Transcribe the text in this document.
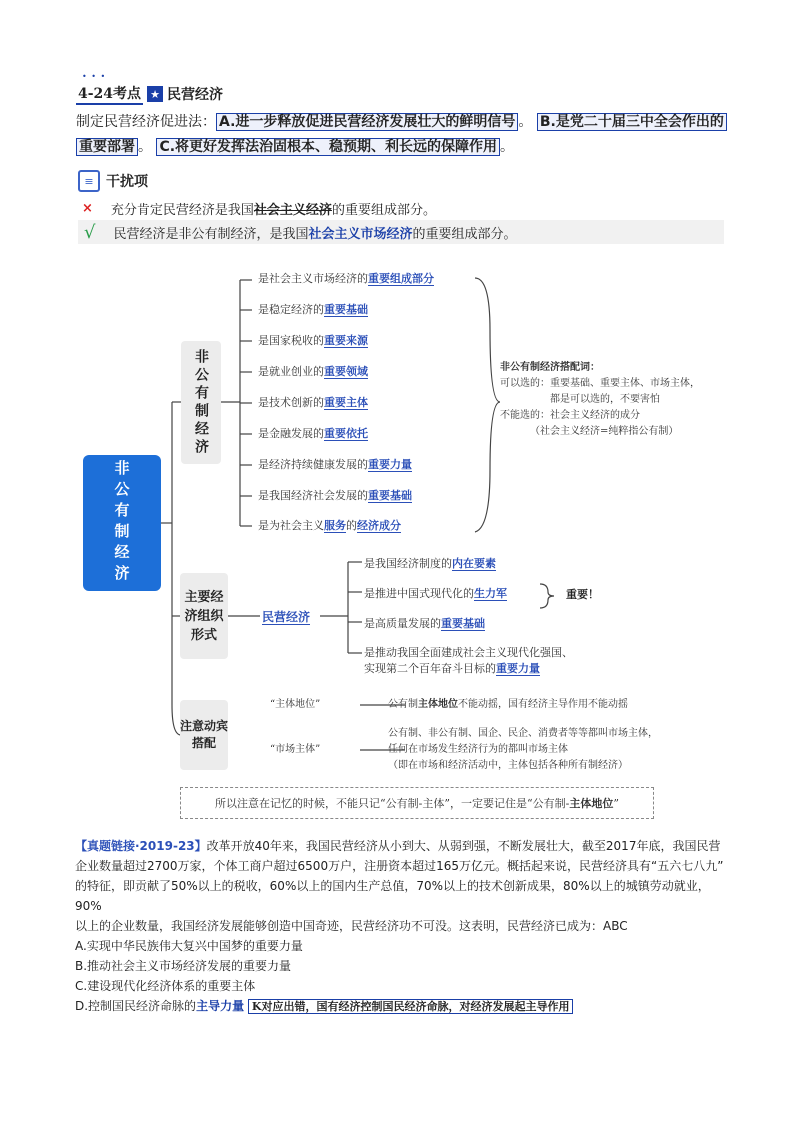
• • •
4-24考点 ★ 民营经济
制定民营经济促进法： A.进一步释放促进民营经济发展壮大的鲜明信号 。 B.是党二十届三中全会作出的
重要部署 。 C.将更好发挥法治固根本、稳预期、利长远的保障作用 。
≡ 干扰项
× 充分肯定民营经济是我国社会主义经济的重要组成部分。
√ 民营经济是非公有制经济，是我国社会主义市场经济的重要组成部分。
非公有制经济
非公有制经济
是社会主义市场经济的重要组成部分
是稳定经济的重要基础
是国家税收的重要来源
是就业创业的重要领域
是技术创新的重要主体
是金融发展的重要依托
是经济持续健康发展的重要力量
是我国经济社会发展的重要基础
是为社会主义服务的经济成分
非公有制经济搭配词：
可以选的：重要基础、重要主体、市场主体，
都是可以选的，不要害怕
不能选的：社会主义经济的成分
（社会主义经济=纯粹指公有制）
主要经济组织形式
民营经济
是我国经济制度的内在要素
是推进中国式现代化的生力军
是高质量发展的重要基础
是推动我国全面建成社会主义现代化强国、
实现第二个百年奋斗目标的重要力量
重要！
注意动宾搭配
“主体地位”	公有制主体地位不能动摇，国有经济主导作用不能动摇
“市场主体”
公有制、非公有制、国企、民企、消费者等等都叫市场主体，
任何在市场发生经济行为的都叫市场主体
（即在市场和经济活动中，主体包括各种所有制经济）
所以注意在记忆的时候，不能只记“公有制-主体”，一定要记住是“公有制- 主体地位 ”
【真题链接·2019-23】改革开放40年来，我国民营经济从小到大、从弱到强，不断发展壮大，截至2017年底，我国民营
企业数量超过2700万家，个体工商户超过6500万户，注册资本超过165万亿元。概括起来说，民营经济具有“五六七八九”
的特征，即贡献了50%以上的税收，60%以上的国内生产总值，70%以上的技术创新成果，80%以上的城镇劳动就业，90%
以上的企业数量，我国经济发展能够创造中国奇迹，民营经济功不可没。这表明，民营经济已成为：ABC
A.实现中华民族伟大复兴中国梦的重要力量
B.推动社会主义市场经济发展的重要力量
C.建设现代化经济体系的重要主体
D.控制国民经济命脉的主导力量 K对应出错，国有经济控制国民经济命脉，对经济发展起主导作用
